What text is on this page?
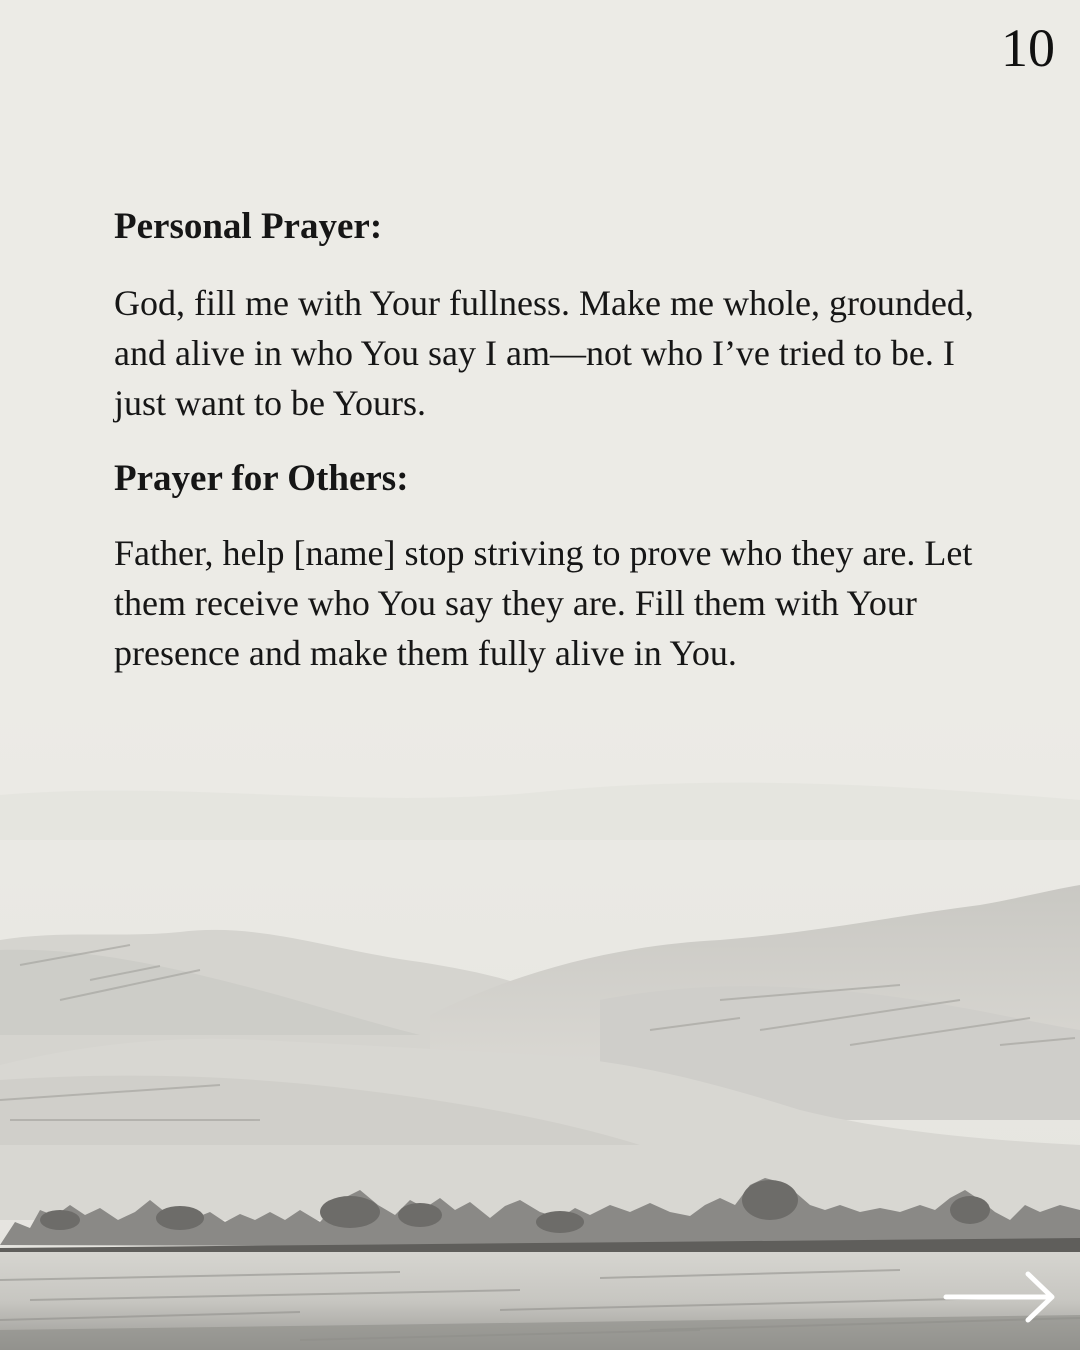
10
Personal Prayer:

God, fill me with Your fullness. Make me whole, grounded, and alive in who You say I am—not who I’ve tried to be. I just want to be Yours.

Prayer for Others:

Father, help [name] stop striving to prove who they are. Let them receive who You say they are. Fill them with Your presence and make them fully alive in You.
